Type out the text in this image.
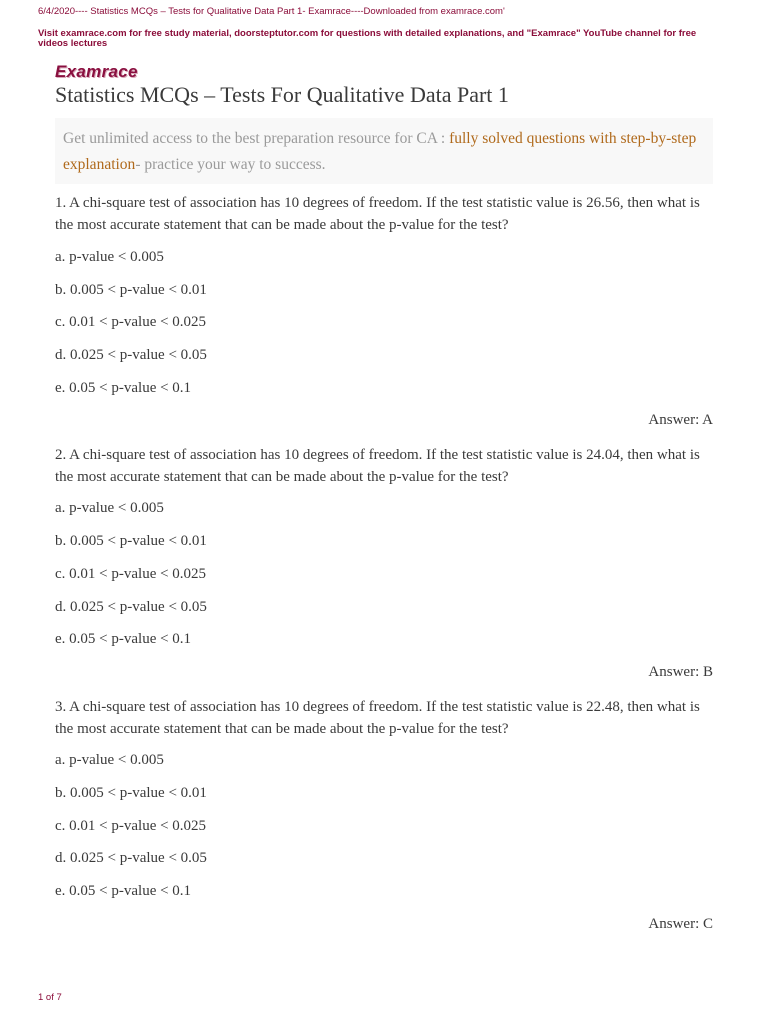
6/4/2020---- Statistics MCQs – Tests for Qualitative Data Part 1- Examrace----Downloaded from examrace.com'
Visit examrace.com for free study material, doorsteptutor.com for questions with detailed explanations, and "Examrace" YouTube channel for free videos lectures
Examrace
Statistics MCQs – Tests For Qualitative Data Part 1
Get unlimited access to the best preparation resource for CA : fully solved questions with step-by-step explanation- practice your way to success.
1. A chi-square test of association has 10 degrees of freedom. If the test statistic value is 26.56, then what is the most accurate statement that can be made about the p-value for the test?
a. p-value < 0.005
b. 0.005 < p-value < 0.01
c. 0.01 < p-value < 0.025
d. 0.025 < p-value < 0.05
e. 0.05 < p-value < 0.1
Answer: A
2. A chi-square test of association has 10 degrees of freedom. If the test statistic value is 24.04, then what is the most accurate statement that can be made about the p-value for the test?
a. p-value < 0.005
b. 0.005 < p-value < 0.01
c. 0.01 < p-value < 0.025
d. 0.025 < p-value < 0.05
e. 0.05 < p-value < 0.1
Answer: B
3. A chi-square test of association has 10 degrees of freedom. If the test statistic value is 22.48, then what is the most accurate statement that can be made about the p-value for the test?
a. p-value < 0.005
b. 0.005 < p-value < 0.01
c. 0.01 < p-value < 0.025
d. 0.025 < p-value < 0.05
e. 0.05 < p-value < 0.1
Answer: C
1 of 7
